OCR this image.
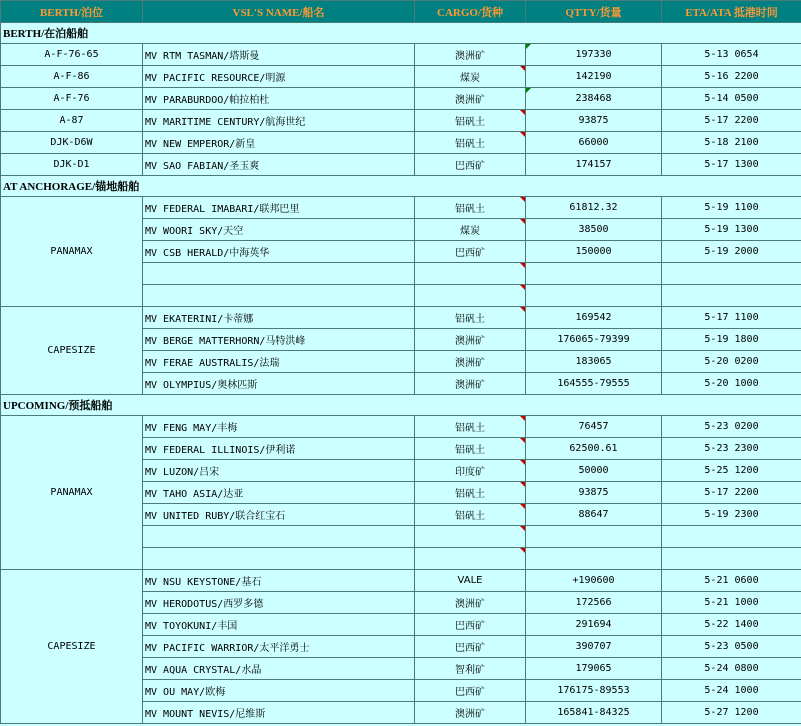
BERTH/泊位	VSL'S NAME/船名	CARGO/货种	QTTY/货量	ETA/ATA 抵港时间
BERTH/在泊船舶				
A-F-76-65	MV RTM TASMAN/塔斯曼	澳洲矿	197330	5-13 0654
A-F-86	MV PACIFIC RESOURCE/明源	煤炭	142190	5-16 2200
A-F-76	MV PARABURDOO/帕拉柏杜	澳洲矿	238468	5-14 0500
A-87	MV MARITIME CENTURY/航海世纪	铝矾土	93875	5-17 2200
DJK-D6W	MV NEW EMPEROR/新皇	铝矾土	66000	5-18 2100
DJK-D1	MV SAO FABIAN/圣玉爽	巴西矿	174157	5-17 1300
AT ANCHORAGE/锚地船舶				
PANAMAX	MV FEDERAL IMABARI/联邦巴里	铝矾土	61812.32	5-19 1100
	MV WOORI SKY/天空	煤炭	38500	5-19 1300
	MV CSB HERALD/中海英华	巴西矿	150000	5-19 2000

CAPESIZE	MV EKATERINI/卡蒂娜	铝矾土	169542	5-17 1100
	MV BERGE MATTERHORN/马特洪峰	澳洲矿	176065-79399	5-19 1800
	MV FERAE AUSTRALIS/法瑞	澳洲矿	183065	5-20 0200
	MV OLYMPIUS/奥林匹斯	澳洲矿	164555-79555	5-20 1000
UPCOMING/预抵船舶				
PANAMAX	MV FENG MAY/丰梅	铝矾土	76457	5-23 0200
	MV FEDERAL ILLINOIS/伊利诺	铝矾土	62500.61	5-23 2300
	MV LUZON/吕宋	印度矿	50000	5-25 1200
	MV TAHO ASIA/达亚	铝矾土	93875	5-17 2200
	MV UNITED RUBY/联合红宝石	铝矾土	88647	5-19 2300

CAPESIZE	MV NSU KEYSTONE/基石	VALE	+190600	5-21 0600
	MV HERODOTUS/西罗多德	澳洲矿	172566	5-21 1000
	MV TOYOKUNI/丰国	巴西矿	291694	5-22 1400
	MV PACIFIC WARRIOR/太平洋勇士	巴西矿	390707	5-23 0500
	MV AQUA CRYSTAL/水晶	智利矿	179065	5-24 0800
	MV OU MAY/欧梅	巴西矿	176175-89553	5-24 1000
	MV MOUNT NEVIS/尼维斯	澳洲矿	165841-84325	5-27 1200
